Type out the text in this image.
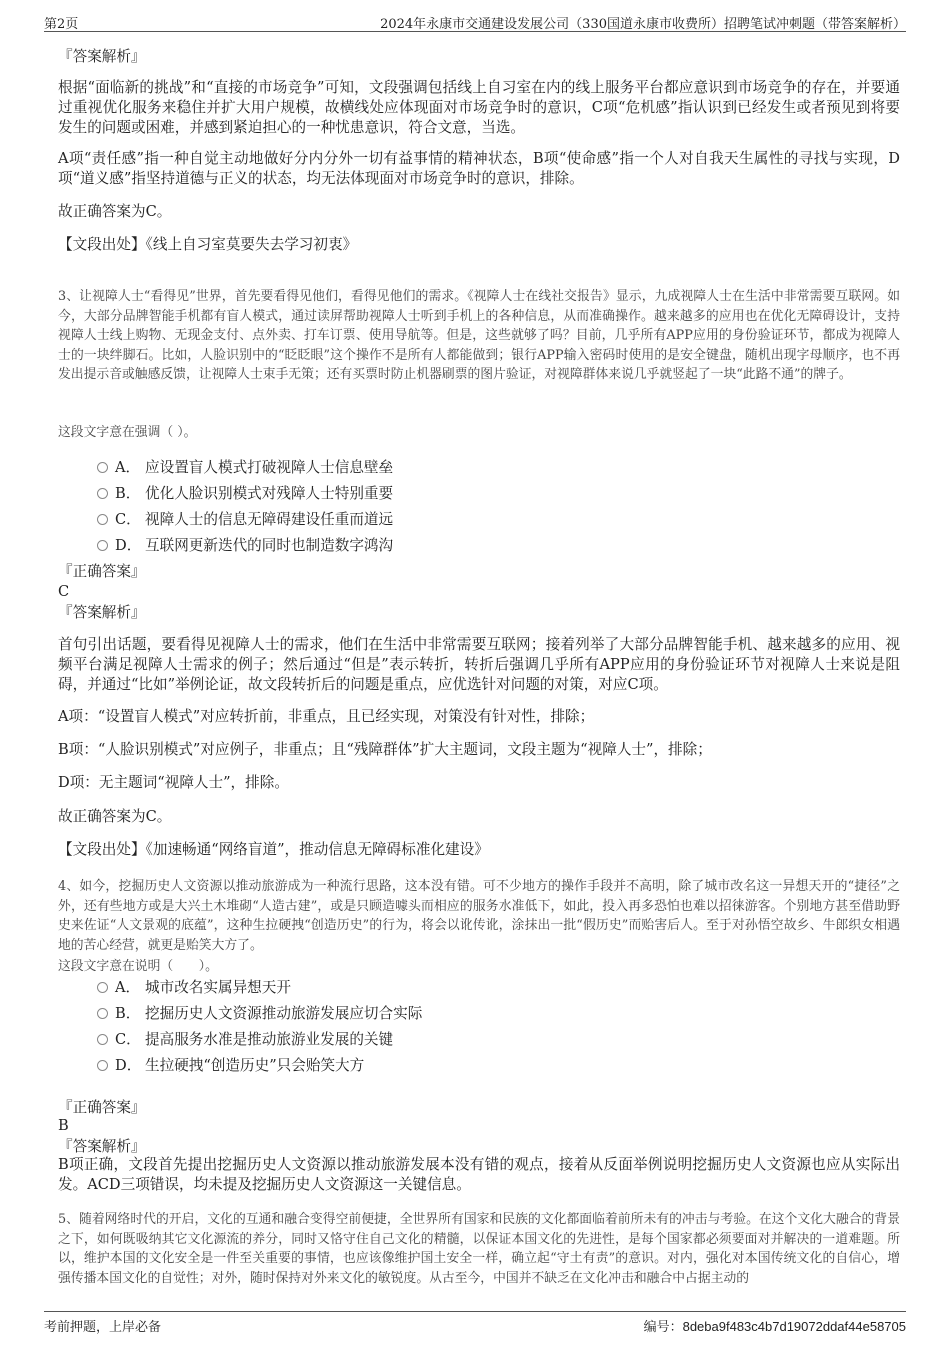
第2页	2024年永康市交通建设发展公司（330国道永康市收费所）招聘笔试冲刺题（带答案解析）
『答案解析』
根据“面临新的挑战”和“直接的市场竞争”可知，文段强调包括线上自习室在内的线上服务平台都应意识到市场竞争的存在，并要通过重视优化服务来稳住并扩大用户规模，故横线处应体现面对市场竞争时的意识，C项“危机感”指认识到已经发生或者预见到将要发生的问题或困难，并感到紧迫担心的一种忧患意识，符合文意，当选。
A项“责任感”指一种自觉主动地做好分内分外一切有益事情的精神状态，B项“使命感”指一个人对自我天生属性的寻找与实现，D项“道义感”指坚持道德与正义的状态，均无法体现面对市场竞争时的意识，排除。
故正确答案为C。
【文段出处】《线上自习室莫要失去学习初衷》
3、让视障人士“看得见”世界，首先要看得见他们，看得见他们的需求。《视障人士在线社交报告》显示，九成视障人士在生活中非常需要互联网。如今，大部分品牌智能手机都有盲人模式，通过读屏帮助视障人士听到手机上的各种信息，从而准确操作。越来越多的应用也在优化无障碍设计，支持视障人士线上购物、无现金支付、点外卖、打车订票、使用导航等。但是，这些就够了吗？目前，几乎所有APP应用的身份验证环节，都成为视障人士的一块绊脚石。比如，人脸识别中的“眨眨眼”这个操作不是所有人都能做到；银行APP输入密码时使用的是安全键盘，随机出现字母顺序，也不再发出提示音或触感反馈，让视障人士束手无策；还有买票时防止机器刷票的图片验证，对视障群体来说几乎就竖起了一块“此路不通”的牌子。
这段文字意在强调（ ）。
A． 应设置盲人模式打破视障人士信息壁垒
B． 优化人脸识别模式对残障人士特别重要
C． 视障人士的信息无障碍建设任重而道远
D． 互联网更新迭代的同时也制造数字鸿沟
『正确答案』
C
『答案解析』
首句引出话题，要看得见视障人士的需求，他们在生活中非常需要互联网；接着列举了大部分品牌智能手机、越来越多的应用、视频平台满足视障人士需求的例子；然后通过“但是”表示转折，转折后强调几乎所有APP应用的身份验证环节对视障人士来说是阻碍，并通过“比如”举例论证，故文段转折后的问题是重点，应优选针对问题的对策，对应C项。
A项：“设置盲人模式”对应转折前，非重点，且已经实现，对策没有针对性，排除；
B项：“人脸识别模式”对应例子，非重点；且“残障群体”扩大主题词，文段主题为“视障人士”，排除；
D项：无主题词“视障人士”，排除。
故正确答案为C。
【文段出处】《加速畅通“网络盲道”，推动信息无障碍标准化建设》
4、如今，挖掘历史人文资源以推动旅游成为一种流行思路，这本没有错。可不少地方的操作手段并不高明，除了城市改名这一异想天开的“捷径”之外，还有些地方或是大兴土木堆砌“人造古建”，或是只顾造噱头而相应的服务水准低下，如此，投入再多恐怕也难以招徕游客。个别地方甚至借助野史来佐证“人文景观的底蕴”，这种生拉硬拽“创造历史”的行为，将会以讹传讹，涂抹出一批“假历史”而贻害后人。至于对孙悟空故乡、牛郎织女相遇地的苦心经营，就更是贻笑大方了。
这段文字意在说明（　　）。
A． 城市改名实属异想天开
B． 挖掘历史人文资源推动旅游发展应切合实际
C． 提高服务水准是推动旅游业发展的关键
D． 生拉硬拽“创造历史”只会贻笑大方
『正确答案』
B
『答案解析』
B项正确，文段首先提出挖掘历史人文资源以推动旅游发展本没有错的观点，接着从反面举例说明挖掘历史人文资源也应从实际出发。ACD三项错误，均未提及挖掘历史人文资源这一关键信息。
5、随着网络时代的开启，文化的互通和融合变得空前便捷，全世界所有国家和民族的文化都面临着前所未有的冲击与考验。在这个文化大融合的背景之下，如何既吸纳其它文化源流的养分，同时又恪守住自己文化的精髓，以保证本国文化的先进性，是每个国家都必须要面对并解决的一道难题。所以，维护本国的文化安全是一件至关重要的事情，也应该像维护国土安全一样，确立起“守土有责”的意识。对内，强化对本国传统文化的自信心，增强传播本国文化的自觉性；对外，随时保持对外来文化的敏锐度。从古至今，中国并不缺乏在文化冲击和融合中占据主动的
考前押题，上岸必备	编号：8deba9f483c4b7d19072ddaf44e58705
